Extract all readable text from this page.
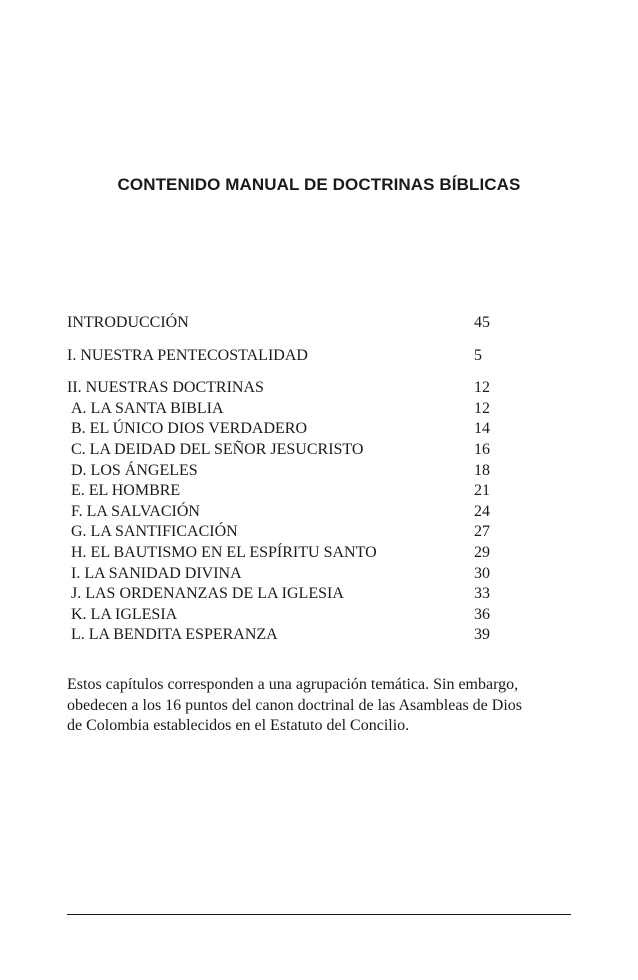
CONTENIDO MANUAL DE DOCTRINAS BÍBLICAS
INTRODUCCIÓN	45
I. NUESTRA PENTECOSTALIDAD	5
II. NUESTRAS DOCTRINAS	12
A. LA SANTA BIBLIA	12
B. EL ÚNICO DIOS VERDADERO	14
C. LA DEIDAD DEL SEÑOR JESUCRISTO	16
D. LOS ÁNGELES	18
E. EL HOMBRE	21
F. LA SALVACIÓN	24
G. LA SANTIFICACIÓN	27
H. EL BAUTISMO EN EL ESPÍRITU SANTO	29
I. LA SANIDAD DIVINA	30
J. LAS ORDENANZAS DE LA IGLESIA	33
K. LA IGLESIA	36
L. LA BENDITA ESPERANZA	39
Estos capítulos corresponden a una agrupación temática. Sin embargo,
obedecen a los 16 puntos del canon doctrinal de las Asambleas de Dios
de Colombia establecidos en el Estatuto del Concilio.
